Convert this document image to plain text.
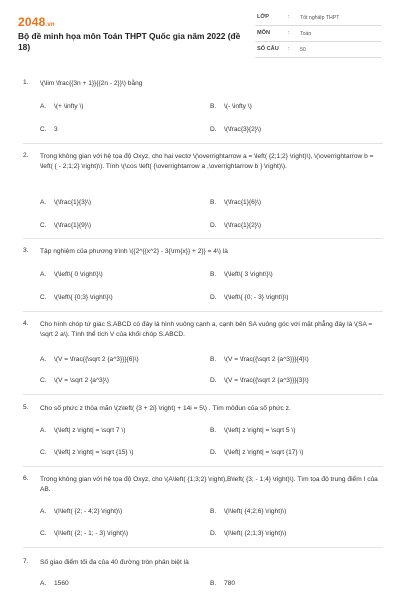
2048.vn
Bộ đề minh họa môn Toán THPT Quốc gia năm 2022 (đề 18)
LỚP	: Tốt nghiệp THPT
MÔN	: Toán
SỐ CÂU : 50
1. \(\lim \frac{{3n + 1}}{{2n - 2}}\) bằng
A. \(+ \infty \)	B. \(- \infty \)
C. 3	D. \(\frac{3}{2}\)
2. Trong không gian với hệ tọa độ Oxyz, cho hai vectơ \(\overrightarrow a = \left( {2;1;2} \right)\), \(\overrightarrow b = \left( { - 2;1;2} \right)\). Tính \(\cos \left( {\overrightarrow a ,\overrightarrow b } \right)\).
A. \(\frac{1}{3}\)	B. \(\frac{1}{6}\)
C. \(\frac{1}{9}\)	D. \(\frac{1}{2}\)
3. Tập nghiệm của phương trình \({2^{{x^2} - 3{\rm{x}} + 2}} = 4\) là
A. \(\left\{ 0 \right\}\)	B. \(\left\{ 3 \right\}\)
C. \(\left\{ {0;3} \right\}\)	D. \(\left\{ {0; - 3} \right\}\)
4. Cho hình chóp tứ giác S.ABCD có đáy là hình vuông cạnh a, cạnh bên SA vuông góc với mặt phẳng đáy là \(SA = \sqrt 2 a\). Tính thể tích V của khối chóp S.ABCD.
A. \(V = \frac{{\sqrt 2 {a^3}}}{6}\)	B. \(V = \frac{{\sqrt 2 {a^3}}}{4}\)
C. \(V = \sqrt 2 {a^3}\)	D. \(V = \frac{{\sqrt 2 {a^3}}}{3}\)
5. Cho số phức z thỏa mãn \(z\left( {3 + 2i} \right) + 14i = 5\) . Tìm môđun của số phức z.
A. \(\left| z \right| = \sqrt 7 \)	B. \(\left| z \right| = \sqrt 5 \)
C. \(\left| z \right| = \sqrt {15} \)	D. \(\left| z \right| = \sqrt {17} \)
6. Trong không gian với hệ tọa độ Oxyz, cho \(A\left( {1;3;2} \right),B\left( {3; - 1;4} \right)\). Tìm tọa độ trung điểm I của AB.
A. \(I\left( {2; - 4;2} \right)\)	B. \(I\left( {4;2;6} \right)\)
C. \(I\left( {2; - 1; - 3} \right)\)	D. \(I\left( {2;1;3} \right)\)
7. Số giao điểm tối đa của 40 đường tròn phân biệt là
A. 1560	B. 780
